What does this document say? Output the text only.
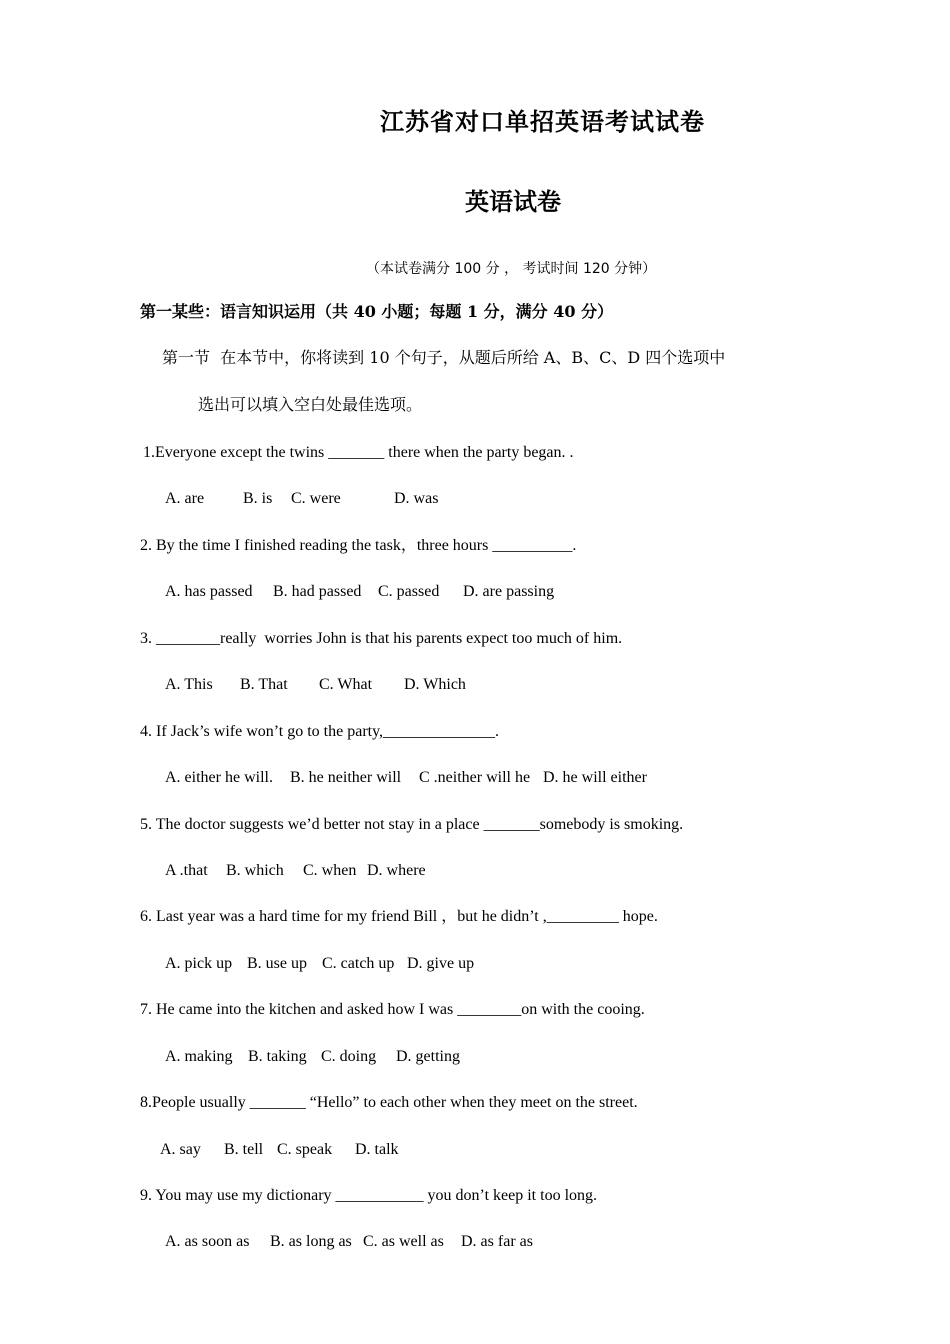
江苏省对口单招英语考试试卷
英语试卷
（本试卷满分 100 分 ， 考试时间 120 分钟）
第一某些：语言知识运用（共 40 小题；每题 1 分，满分 40 分）
第一节  在本节中，你将读到 10 个句子，从题后所给 A、B、C、D 四个选项中
选出可以填入空白处最佳选项。
1.Everyone except the twins _______ there when the party began. .
A. are B. is C. were	D. was
2. By the time I finished reading the task，three hours __________.
A. has passed B. had passed C. passed D. are passing
3. ________really  worries John is that his parents expect too much of him.
A. This B. That C. What D. Which
4. If Jack’s wife won’t go to the party,______________.
A. either he will. B. he neither will C .neither will he D. he will either
5. The doctor suggests we’d better not stay in a place _______somebody is smoking.
A .that B. which C. when D. where
6. Last year was a hard time for my friend Bill ，but he didn’t ,_________ hope.
A. pick up B. use up C. catch up D. give up
7. He came into the kitchen and asked how I was ________on with the cooing.
A. making B. taking C. doing D. getting
8.People usually _______ “Hello” to each other when they meet on the street.
A. say B. tell C. speak D. talk
9. You may use my dictionary ___________ you don’t keep it too long.
A. as soon as B. as long as C. as well as D. as far as
